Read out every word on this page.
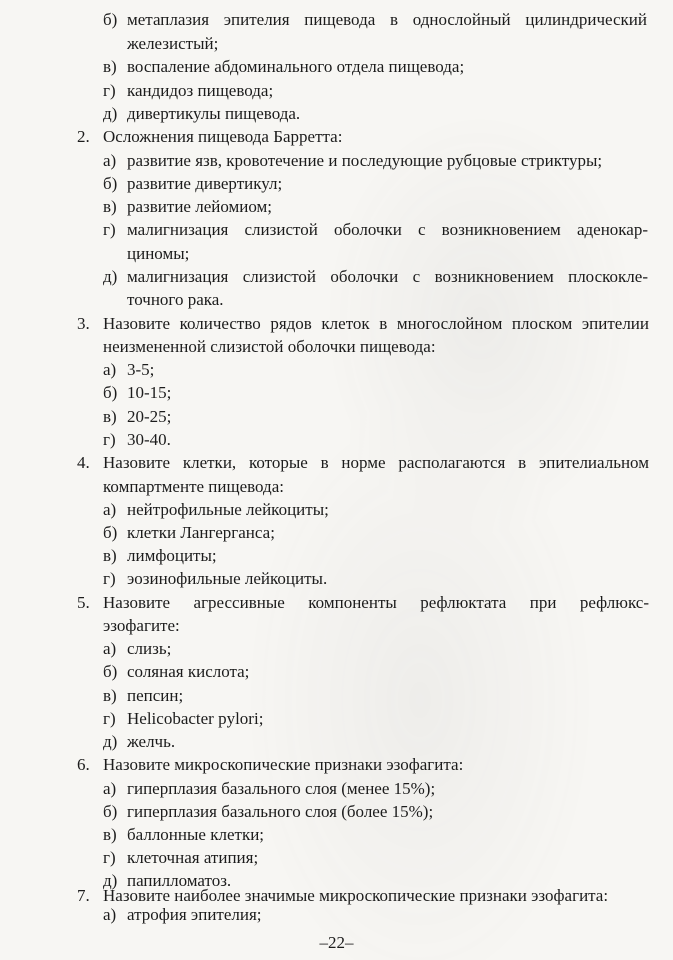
б) метаплазия эпителия пищевода в однослойный цилиндрический
железистый;
в) воспаление абдоминального отдела пищевода;
г) кандидоз пищевода;
д) дивертикулы пищевода.
2. Осложнения пищевода Барретта:
а) развитие язв, кровотечение и последующие рубцовые стриктуры;
б) развитие дивертикул;
в) развитие лейомиом;
г) малигнизация слизистой оболочки с возникновением аденокар-
циномы;
д) малигнизация слизистой оболочки с возникновением плоскокле-
точного рака.
3. Назовите количество рядов клеток в многослойном плоском эпителии
неизмененной слизистой оболочки пищевода:
а) 3-5;
б) 10-15;
в) 20-25;
г) 30-40.
4. Назовите клетки, которые в норме располагаются в эпителиальном
компартменте пищевода:
а) нейтрофильные лейкоциты;
б) клетки Лангерганса;
в) лимфоциты;
г) эозинофильные лейкоциты.
5. Назовите агрессивные компоненты рефлюктата при рефлюкс-
эзофагите:
а) слизь;
б) соляная кислота;
в) пепсин;
г) Helicobacter pylori;
д) желчь.
6. Назовите микроскопические признаки эзофагита:
а) гиперплазия базального слоя (менее 15%);
б) гиперплазия базального слоя (более 15%);
в) баллонные клетки;
г) клеточная атипия;
д) папилломатоз.
7. Назовите наиболее значимые микроскопические признаки эзофагита:
а) атрофия эпителия;
–22–
